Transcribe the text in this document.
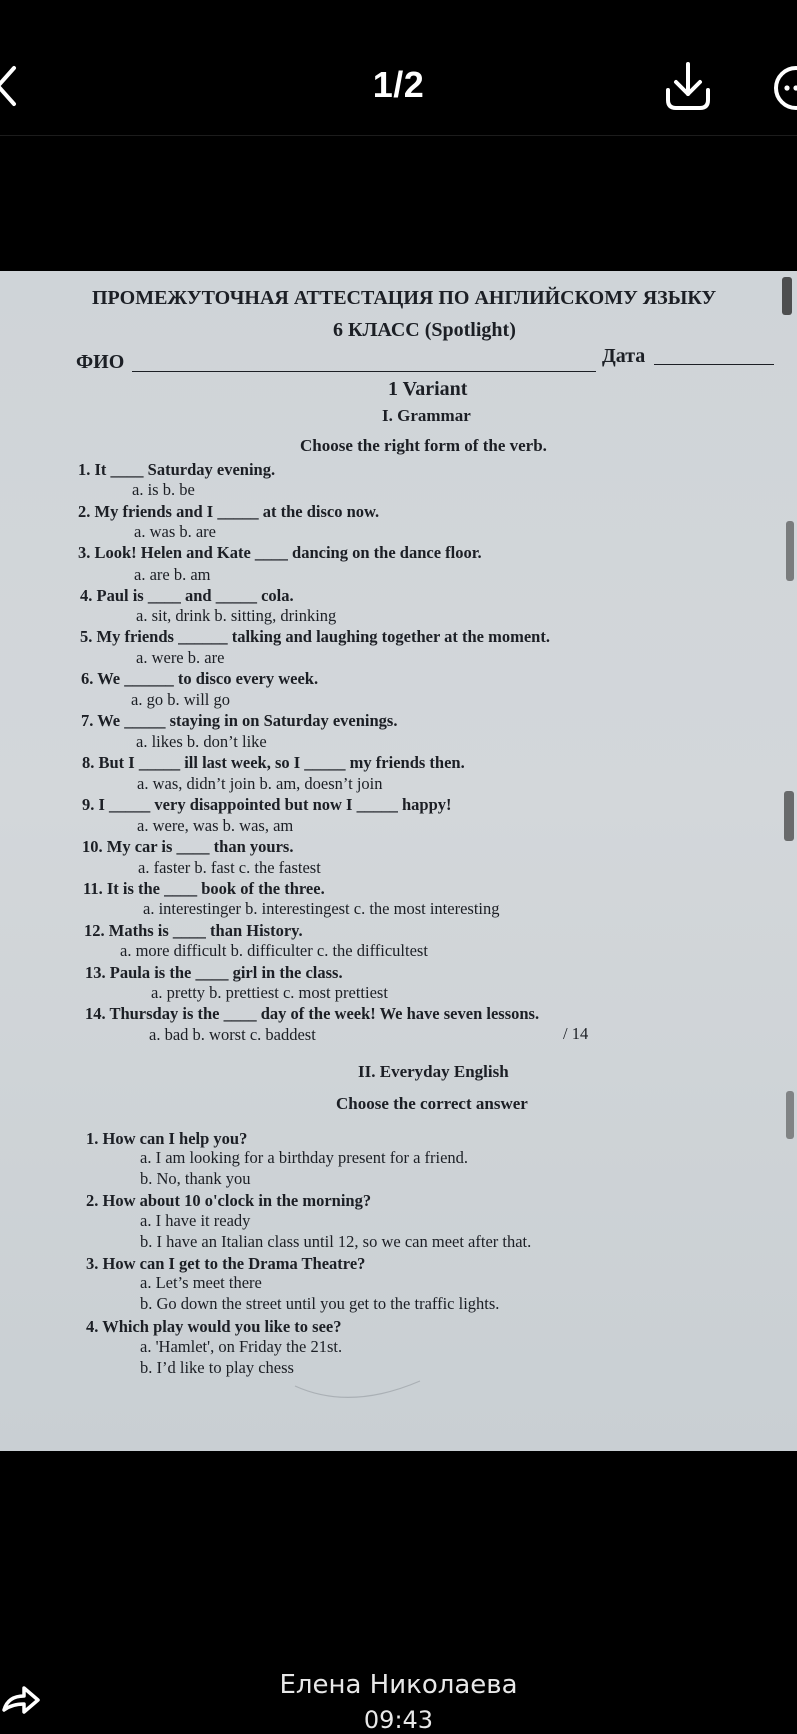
1/2
ПРОМЕЖУТОЧНАЯ АТТЕСТАЦИЯ ПО АНГЛИЙСКОМУ ЯЗЫКУ
6 КЛАСС (Spotlight)
ФИО	Дата
1 Variant
I. Grammar
Choose the right form of the verb.
1. It ____ Saturday evening.
a. is b. be
2. My friends and I _____ at the disco now.
a. was b. are
3. Look! Helen and Kate ____ dancing on the dance floor.
a. are b. am
4. Paul is ____ and _____ cola.
a. sit, drink b. sitting, drinking
5. My friends ______ talking and laughing together at the moment.
a. were b. are
6. We ______ to disco every week.
a. go b. will go
7. We _____ staying in on Saturday evenings.
a. likes b. don’t like
8. But I _____ ill last week, so I _____ my friends then.
a. was, didn’t join b. am, doesn’t join
9. I _____ very disappointed but now I _____ happy!
a. were, was b. was, am
10. My car is ____ than yours.
a. faster b. fast c. the fastest
11. It is the ____ book of the three.
a. interestinger b. interestingest c. the most interesting
12. Maths is ____ than History.
a. more difficult b. difficulter c. the difficultest
13. Paula is the ____ girl in the class.
a. pretty b. prettiest c. most prettiest
14. Thursday is the ____ day of the week! We have seven lessons.
a. bad b. worst c. baddest	/ 14
II. Everyday English
Choose the correct answer
1. How can I help you?
a. I am looking for a birthday present for a friend.
b. No, thank you
2. How about 10 o'clock in the morning?
a. I have it ready
b. I have an Italian class until 12, so we can meet after that.
3. How can I get to the Drama Theatre?
a. Let’s meet there
b. Go down the street until you get to the traffic lights.
4. Which play would you like to see?
a. 'Hamlet', on Friday the 21st.
b. I’d like to play chess
Елена Николаева
09:43
